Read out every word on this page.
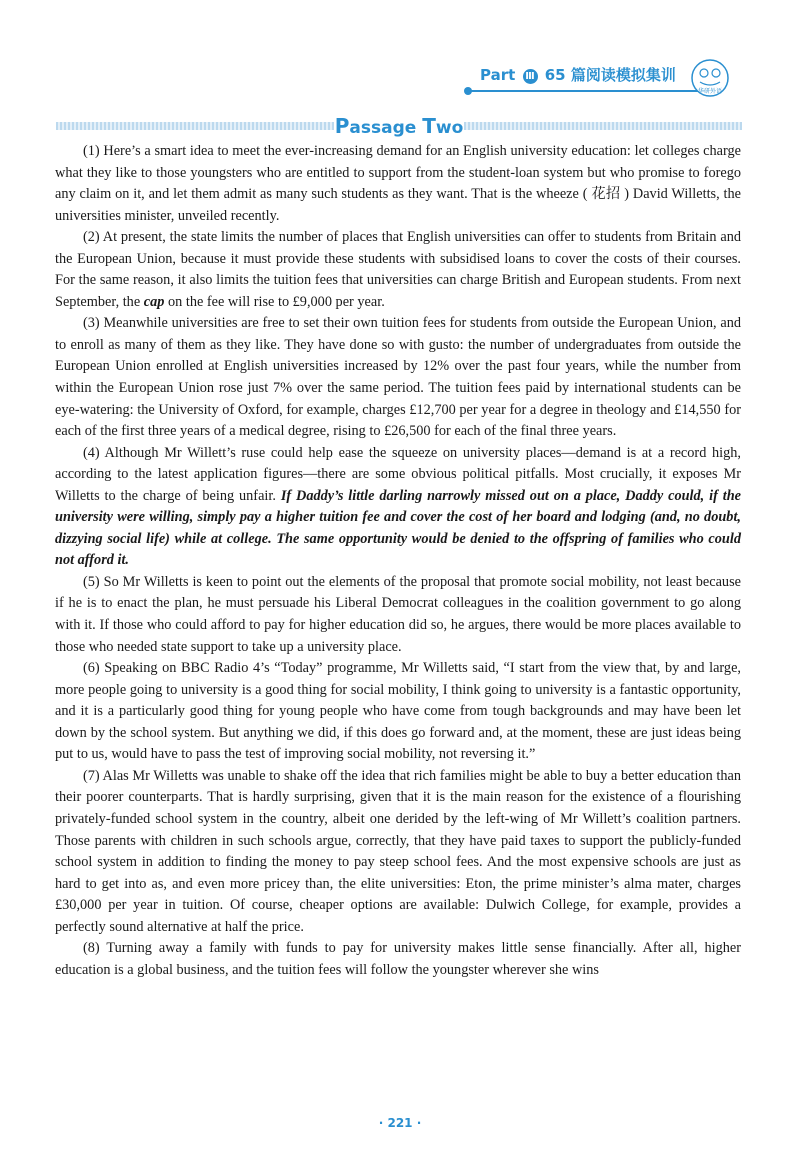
Part Ⅲ 65 篇阅读模拟集训
华研外语
Passage Two

(1) Here’s a smart idea to meet the ever-increasing demand for an English university education: let colleges charge what they like to those youngsters who are entitled to support from the student-loan system but who promise to forego any claim on it, and let them admit as many such students as they want. That is the wheeze ( 花招 ) David Willetts, the universities minister, unveiled recently.

(2) At present, the state limits the number of places that English universities can offer to students from Britain and the European Union, because it must provide these students with subsidised loans to cover the costs of their courses. For the same reason, it also limits the tuition fees that universities can charge British and European students. From next September, the cap on the fee will rise to £9,000 per year.

(3) Meanwhile universities are free to set their own tuition fees for students from outside the European Union, and to enroll as many of them as they like. They have done so with gusto: the number of undergraduates from outside the European Union enrolled at English universities increased by 12% over the past four years, while the number from within the European Union rose just 7% over the same period. The tuition fees paid by international students can be eye-watering: the University of Oxford, for example, charges £12,700 per year for a degree in theology and £14,550 for each of the first three years of a medical degree, rising to £26,500 for each of the final three years.

(4) Although Mr Willett’s ruse could help ease the squeeze on university places—demand is at a record high, according to the latest application figures—there are some obvious political pitfalls. Most crucially, it exposes Mr Willetts to the charge of being unfair. If Daddy’s little darling narrowly missed out on a place, Daddy could, if the university were willing, simply pay a higher tuition fee and cover the cost of her board and lodging (and, no doubt, dizzying social life) while at college. The same opportunity would be denied to the offspring of families who could not afford it.

(5) So Mr Willetts is keen to point out the elements of the proposal that promote social mobility, not least because if he is to enact the plan, he must persuade his Liberal Democrat colleagues in the coalition government to go along with it. If those who could afford to pay for higher education did so, he argues, there would be more places available to those who needed state support to take up a university place.

(6) Speaking on BBC Radio 4’s “Today” programme, Mr Willetts said, “I start from the view that, by and large, more people going to university is a good thing for social mobility, I think going to university is a fantastic opportunity, and it is a particularly good thing for young people who have come from tough backgrounds and may have been let down by the school system. But anything we did, if this does go forward and, at the moment, these are just ideas being put to us, would have to pass the test of improving social mobility, not reversing it.”

(7) Alas Mr Willetts was unable to shake off the idea that rich families might be able to buy a better education than their poorer counterparts. That is hardly surprising, given that it is the main reason for the existence of a flourishing privately-funded school system in the country, albeit one derided by the left-wing of Mr Willett’s coalition partners. Those parents with children in such schools argue, correctly, that they have paid taxes to support the publicly-funded school system in addition to finding the money to pay steep school fees. And the most expensive schools are just as hard to get into as, and even more pricey than, the elite universities: Eton, the prime minister’s alma mater, charges £30,000 per year in tuition. Of course, cheaper options are available: Dulwich College, for example, provides a perfectly sound alternative at half the price.

(8) Turning away a family with funds to pay for university makes little sense financially. After all, higher education is a global business, and the tuition fees will follow the youngster wherever she wins

· 221 ·
